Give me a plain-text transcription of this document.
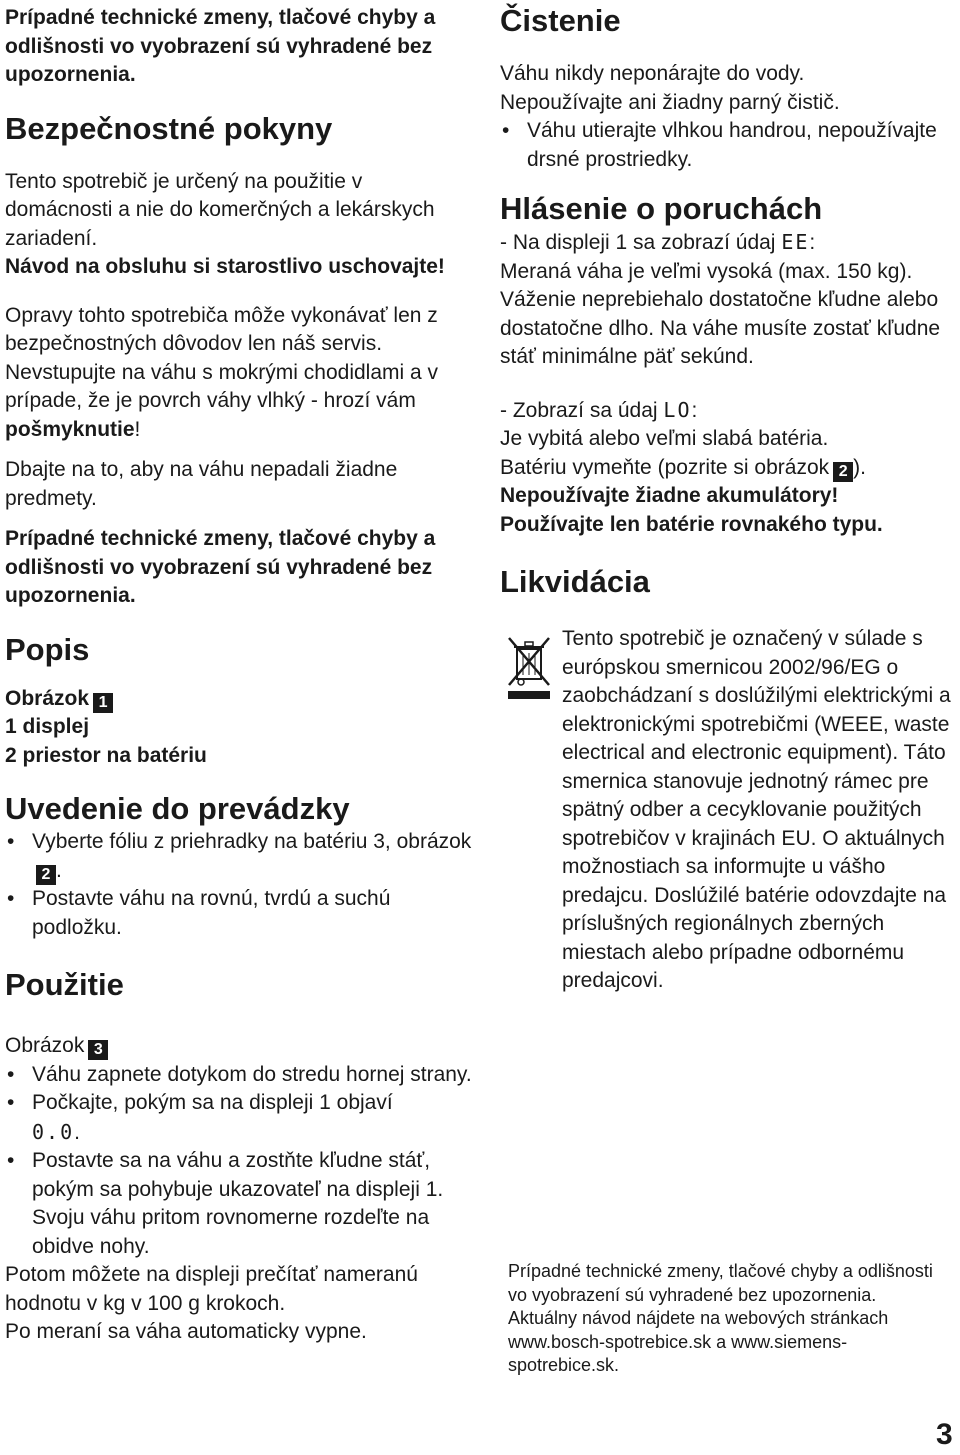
Prípadné technické zmeny, tlačové chyby a odlišnosti vo vyobrazení sú vyhradené bez upozornenia.

Bezpečnostné pokyny

Tento spotrebič je určený na použitie v domácnosti a nie do komerčných a lekárskych zariadení.

Návod na obsluhu si starostlivo uschovajte!

Opravy tohto spotrebiča môže vykonávať len z bezpečnostných dôvodov len náš servis.

Nevstupujte na váhu s mokrými chodidlami a v prípade, že je povrch váhy vlhký - hrozí vám pošmyknutie!

Dbajte na to, aby na váhu nepadali žiadne predmety.

Prípadné technické zmeny, tlačové chyby a odlišnosti vo vyobrazení sú vyhradené bez upozornenia.

Popis

Obrázok 1

1 displej

2 priestor na batériu

Uvedenie do prevádzky
• Vyberte fóliu z priehradky na batériu 3, obrázok2 .
• Postavte váhu na rovnú, tvrdú a suchú podložku.
Použitie

Obrázok 3

• Váhu zapnete dotykom do stredu hornej strany.
• Počkajte, pokým sa na displeji 1 objaví
0.0.
• Postavte sa na váhu a zostňte kľudne stáť, pokým sa pohybuje ukazovateľ na displeji 1. Svoju váhu pritom rovnomerne rozdeľte na obidve nohy.

Potom môžete na displeji prečítať nameranú hodnotu v kg v 100 g krokoch.

Po meraní sa váha automaticky vypne.

Čistenie

Váhu nikdy neponárajte do vody.

Nepoužívajte ani žiadny parný čistič.

• Váhu utierajte vlhkou handrou, nepoužívajte drsné prostriedky.
Hlásenie o poruchách

- Na displeji 1 sa zobrazí údaj EE:

Meraná váha je veľmi vysoká (max. 150 kg).

Váženie neprebiehalo dostatočne kľudne alebo dostatočne dlho. Na váhe musíte zostať kľudne stáť minimálne päť sekúnd.

- Zobrazí sa údaj LO:

Je vybitá alebo veľmi slabá batéria.

Batériu vymeňte (pozrite si obrázok 2 ).

Nepoužívajte žiadne akumulátory!

Používajte len batérie rovnakého typu.

Likvidácia

Tento spotrebič je označený v súlade s európskou smernicou 2002/96/EG o zaobchádzaní s doslúžilými elektrickými a elektronickými spotrebičmi (WEEE, waste electrical and electronic equipment). Táto smernica stanovuje jednotný rámec pre spätný odber a cecyklovanie použitých spotrebičov v krajinách EU. O aktuálnych možnostiach sa informujte u vášho predajcu. Doslúžilé batérie odovzdajte na príslušných regionálnych zberných miestach alebo prípadne odbornému predajcovi.

Prípadné technické zmeny, tlačové chyby a odlišnosti vo vyobrazení sú vyhradené bez upozornenia. Aktuálny návod nájdete na webových stránkach www.bosch-spotrebice.sk a www.siemens-spotrebice.sk.

3
